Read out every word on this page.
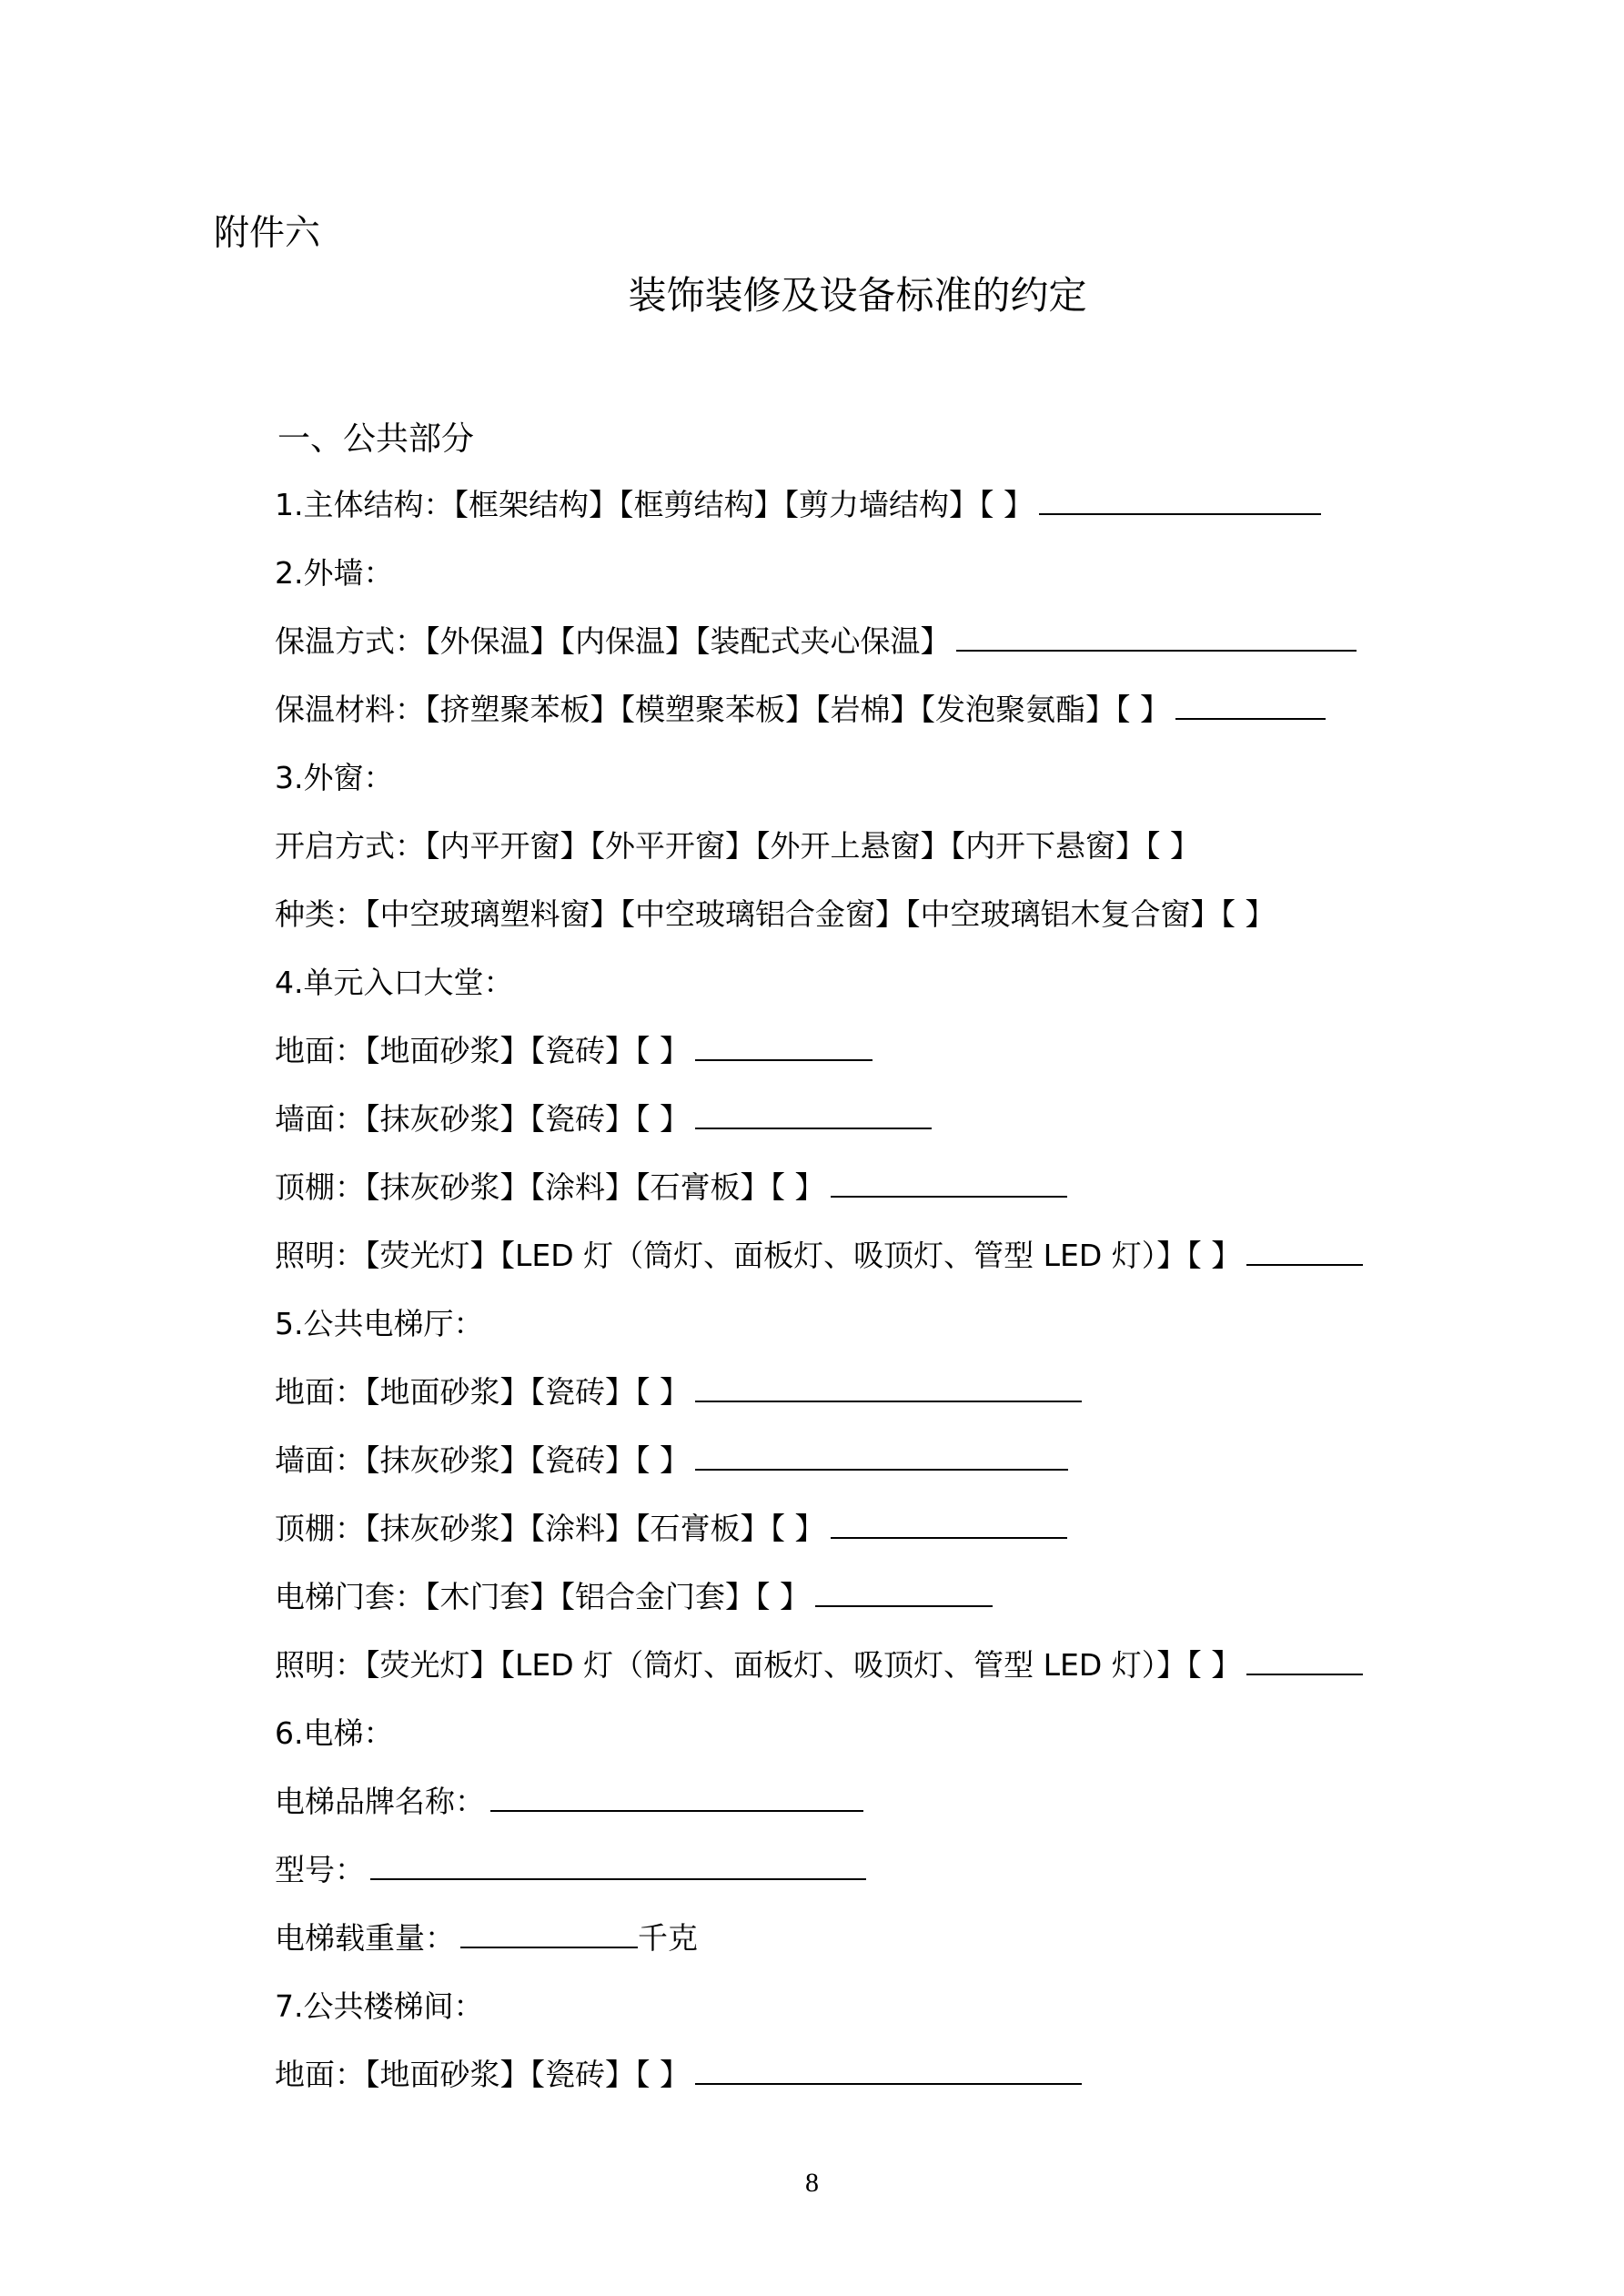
附件六
装饰装修及设备标准的约定
一、公共部分
1.主体结构：【框架结构】【框剪结构】【剪力墙结构】【 】
2.外墙：
保温方式：【外保温】【内保温】【装配式夹心保温】
保温材料：【挤塑聚苯板】【模塑聚苯板】【岩棉】【发泡聚氨酯】【 】
3.外窗：
开启方式：【内平开窗】【外平开窗】【外开上悬窗】【内开下悬窗】【 】
种类：【中空玻璃塑料窗】【中空玻璃铝合金窗】【中空玻璃铝木复合窗】【 】
4.单元入口大堂：
地面：【地面砂浆】【瓷砖】【 】
墙面：【抹灰砂浆】【瓷砖】【 】
顶棚：【抹灰砂浆】【涂料】【石膏板】【 】
照明：【荧光灯】【LED 灯（筒灯、面板灯、吸顶灯、管型 LED 灯）】【 】
5.公共电梯厅：
地面：【地面砂浆】【瓷砖】【 】
墙面：【抹灰砂浆】【瓷砖】【 】
顶棚：【抹灰砂浆】【涂料】【石膏板】【 】
电梯门套：【木门套】【铝合金门套】【 】
照明：【荧光灯】【LED 灯（筒灯、面板灯、吸顶灯、管型 LED 灯）】【 】
6.电梯：
电梯品牌名称：
型号：
电梯载重量：	千克
7.公共楼梯间：
地面：【地面砂浆】【瓷砖】【 】
8
